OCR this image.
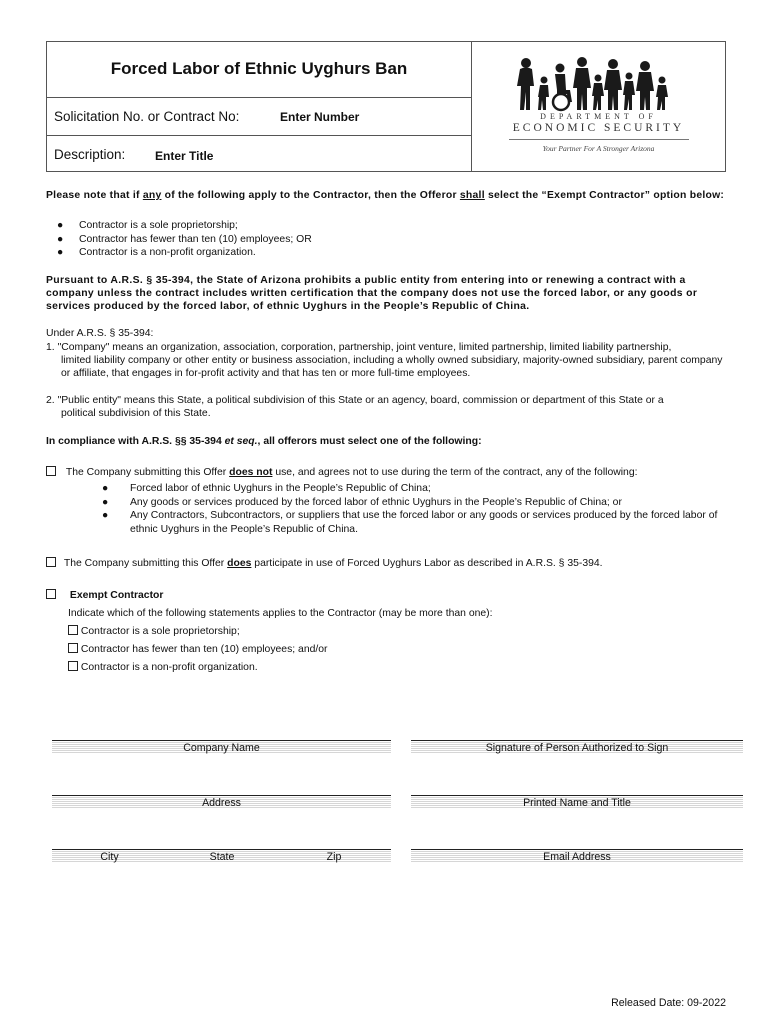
Forced Labor of Ethnic Uyghurs Ban
Solicitation No. or Contract No:	Enter Number
Description: Enter Title
DEPARTMENT OF
ECONOMIC SECURITY
Your Partner For A Stronger Arizona
Please note that if any of the following apply to the Contractor, then the Offeror shall select the “Exempt Contractor” option below:
● Contractor is a sole proprietorship;
● Contractor has fewer than ten (10) employees; OR
● Contractor is a non-profit organization.
Pursuant to A.R.S. § 35-394, the State of Arizona prohibits a public entity from entering into or renewing a contract with a company unless the contract includes written certification that the company does not use the forced labor, or any goods or services produced by the forced labor, of ethnic Uyghurs in the People’s Republic of China.
Under A.R.S. § 35-394:
1. "Company" means an organization, association, corporation, partnership, joint venture, limited partnership, limited liability partnership,
limited liability company or other entity or business association, including a wholly owned subsidiary, majority-owned subsidiary, parent company or affiliate, that engages in for-profit activity and that has ten or more full-time employees.
2. "Public entity" means this State, a political subdivision of this State or an agency, board, commission or department of this State or a
political subdivision of this State.
In compliance with A.R.S. §§ 35-394 et seq., all offerors must select one of the following:
The Company submitting this Offer does not use, and agrees not to use during the term of the contract, any of the following:
● Forced labor of ethnic Uyghurs in the People’s Republic of China;
● Any goods or services produced by the forced labor of ethnic Uyghurs in the People’s Republic of China; or
● Any Contractors, Subcontractors, or suppliers that use the forced labor or any goods or services produced by the forced labor of ethnic Uyghurs in the People’s Republic of China.
The Company submitting this Offer does participate in use of Forced Uyghurs Labor as described in A.R.S. § 35-394.
Exempt Contractor
Indicate which of the following statements applies to the Contractor (may be more than one):
Contractor is a sole proprietorship;
Contractor has fewer than ten (10) employees; and/or
Contractor is a non-profit organization.
Company Name	Signature of Person Authorized to Sign
Address	Printed Name and Title
City	State	Zip	Email Address
Released Date: 09-2022
